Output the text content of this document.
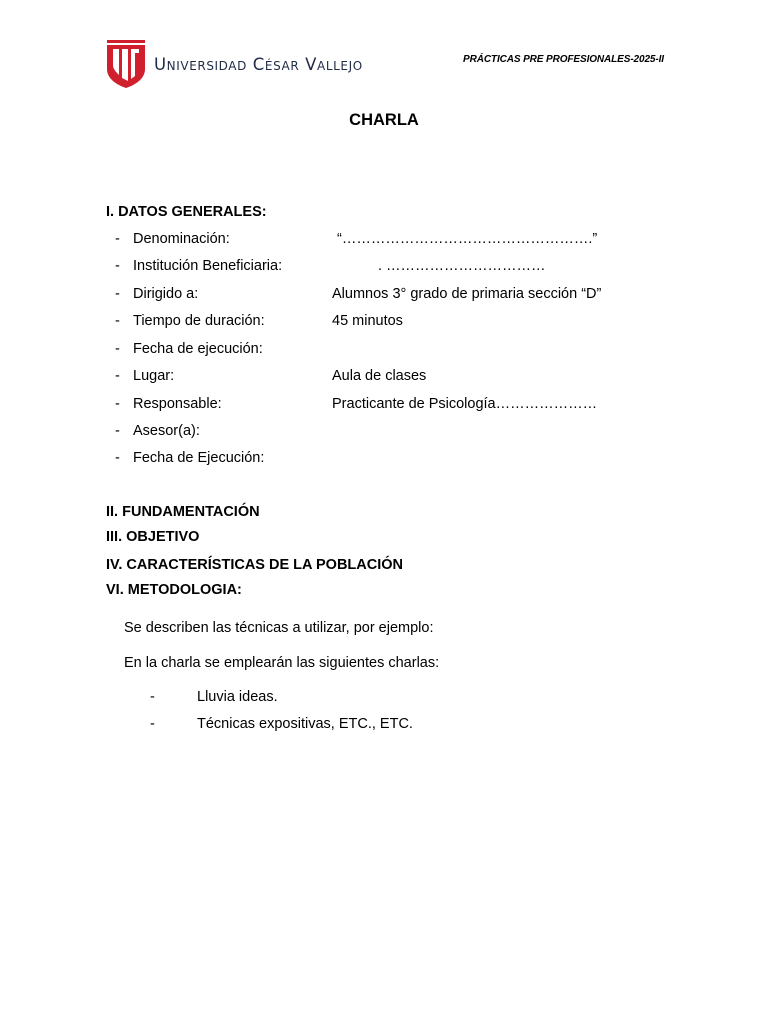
Universidad César Vallejo	PRÁCTICAS PRE PROFESIONALES-2025-II
CHARLA
I. DATOS GENERALES:
- Denominación:	“…………………………………………….”
- Institución Beneficiaria:	. ……………………………
- Dirigido a:	Alumnos 3° grado de primaria sección “D”
- Tiempo de duración:	45 minutos
- Fecha de ejecución:
- Lugar:	Aula de clases
- Responsable:	Practicante de Psicología…………………
- Asesor(a):
- Fecha de Ejecución:
II. FUNDAMENTACIÓN
III. OBJETIVO
IV. CARACTERÍSTICAS DE LA POBLACIÓN
VI. METODOLOGIA:
Se describen las técnicas a utilizar, por ejemplo:
En la charla se emplearán las siguientes charlas:
-	Lluvia ideas.
-	Técnicas expositivas, ETC., ETC.
